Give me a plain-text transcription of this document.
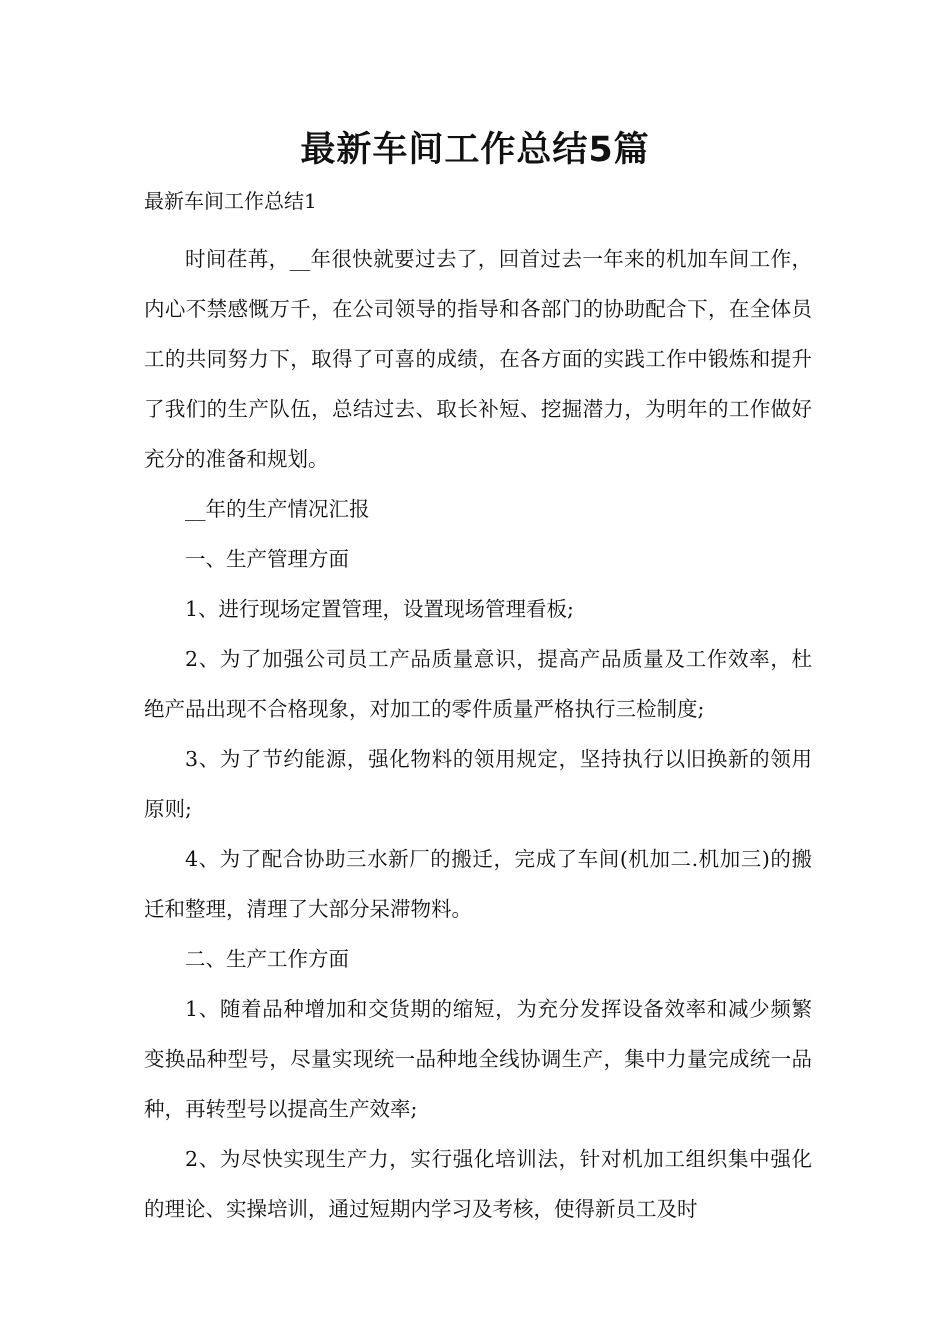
最新车间工作总结5篇
最新车间工作总结1

时间荏苒，__年很快就要过去了，回首过去一年来的机加车间工作，内心不禁感慨万千，在公司领导的指导和各部门的协助配合下，在全体员工的共同努力下，取得了可喜的成绩，在各方面的实践工作中锻炼和提升了我们的生产队伍，总结过去、取长补短、挖掘潜力，为明年的工作做好充分的准备和规划。

__年的生产情况汇报

一、生产管理方面

1、进行现场定置管理，设置现场管理看板;

2、为了加强公司员工产品质量意识，提高产品质量及工作效率，杜绝产品出现不合格现象，对加工的零件质量严格执行三检制度;

3、为了节约能源，强化物料的领用规定，坚持执行以旧换新的领用原则;

4、为了配合协助三水新厂的搬迁，完成了车间(机加二.机加三)的搬迁和整理，清理了大部分呆滞物料。

二、生产工作方面

1、随着品种增加和交货期的缩短，为充分发挥设备效率和减少频繁变换品种型号，尽量实现统一品种地全线协调生产，集中力量完成统一品种，再转型号以提高生产效率;

2、为尽快实现生产力，实行强化培训法，针对机加工组织集中强化的理论、实操培训，通过短期内学习及考核，使得新员工及时
